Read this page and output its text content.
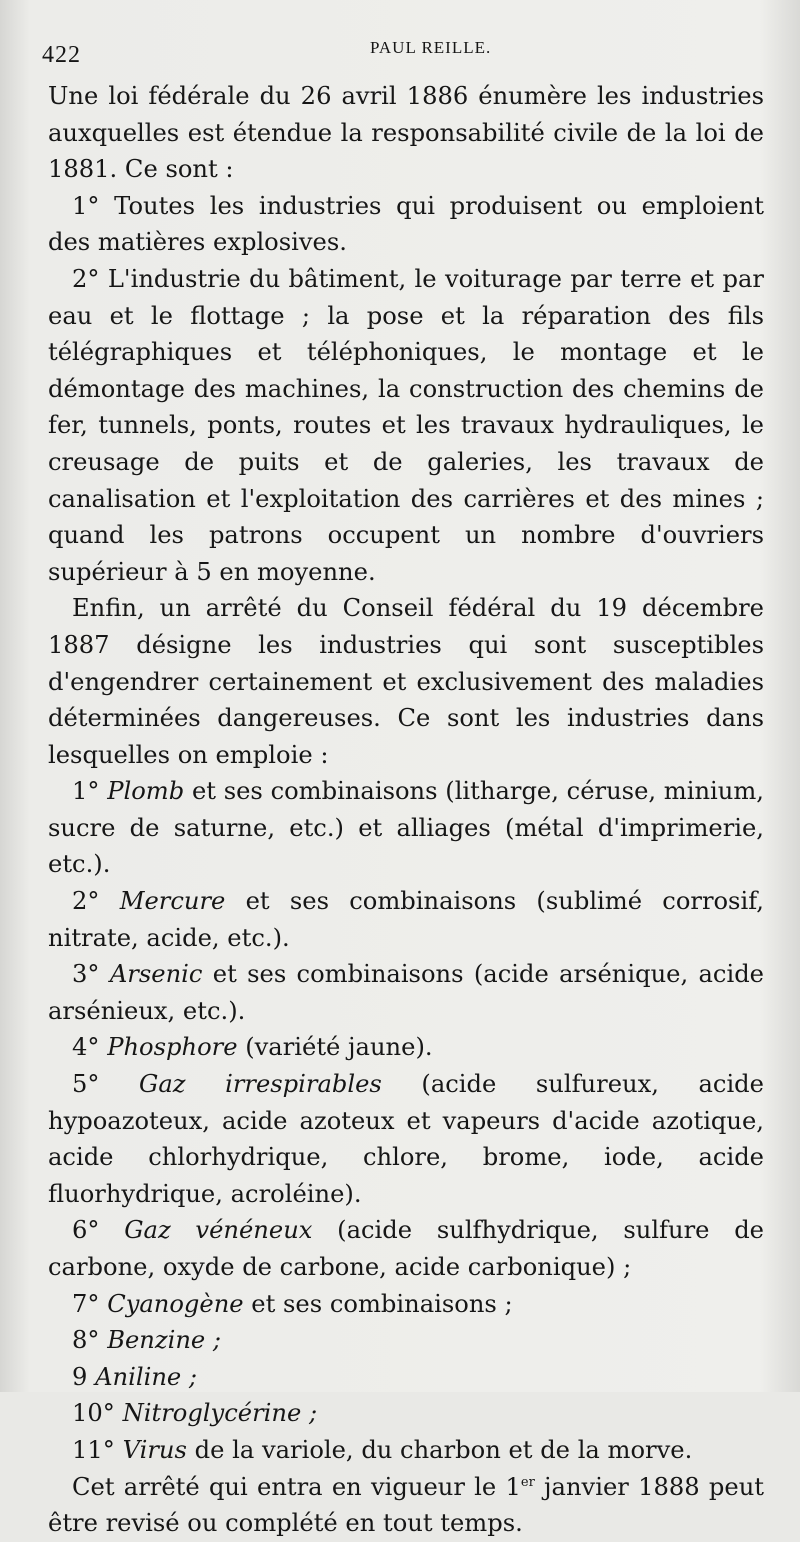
422	PAUL REILLE.

Une loi fédérale du 26 avril 1886 énumère les industries auxquelles est étendue la responsabilité civile de la loi de 1881. Ce sont :

1° Toutes les industries qui produisent ou emploient des matières explosives.

2° L'industrie du bâtiment, le voiturage par terre et par eau et le flottage ; la pose et la réparation des fils télégraphiques et téléphoniques, le montage et le démontage des machines, la construction des chemins de fer, tunnels, ponts, routes et les travaux hydrauliques, le creusage de puits et de galeries, les travaux de canalisation et l'exploitation des carrières et des mines ; quand les patrons occupent un nombre d'ouvriers supérieur à 5 en moyenne.

Enfin, un arrêté du Conseil fédéral du 19 décembre 1887 désigne les industries qui sont susceptibles d'engendrer certainement et exclusivement des maladies déterminées dangereuses. Ce sont les industries dans lesquelles on emploie :

1° Plomb et ses combinaisons (litharge, céruse, minium, sucre de saturne, etc.) et alliages (métal d'imprimerie, etc.).

2° Mercure et ses combinaisons (sublimé corrosif, nitrate, acide, etc.).

3° Arsenic et ses combinaisons (acide arsénique, acide arsénieux, etc.).

4° Phosphore (variété jaune).

5° Gaz irrespirables (acide sulfureux, acide hypoazoteux, acide azoteux et vapeurs d'acide azotique, acide chlorhydrique, chlore, brome, iode, acide fluorhydrique, acroléine).

6° Gaz vénéneux (acide sulfhydrique, sulfure de carbone, oxyde de carbone, acide carbonique) ;

7° Cyanogène et ses combinaisons ;

8° Benzine ;

9 Aniline ;

10° Nitroglycérine ;

11° Virus de la variole, du charbon et de la morve.

Cet arrêté qui entra en vigueur le 1er janvier 1888 peut être revisé ou complété en tout temps.
